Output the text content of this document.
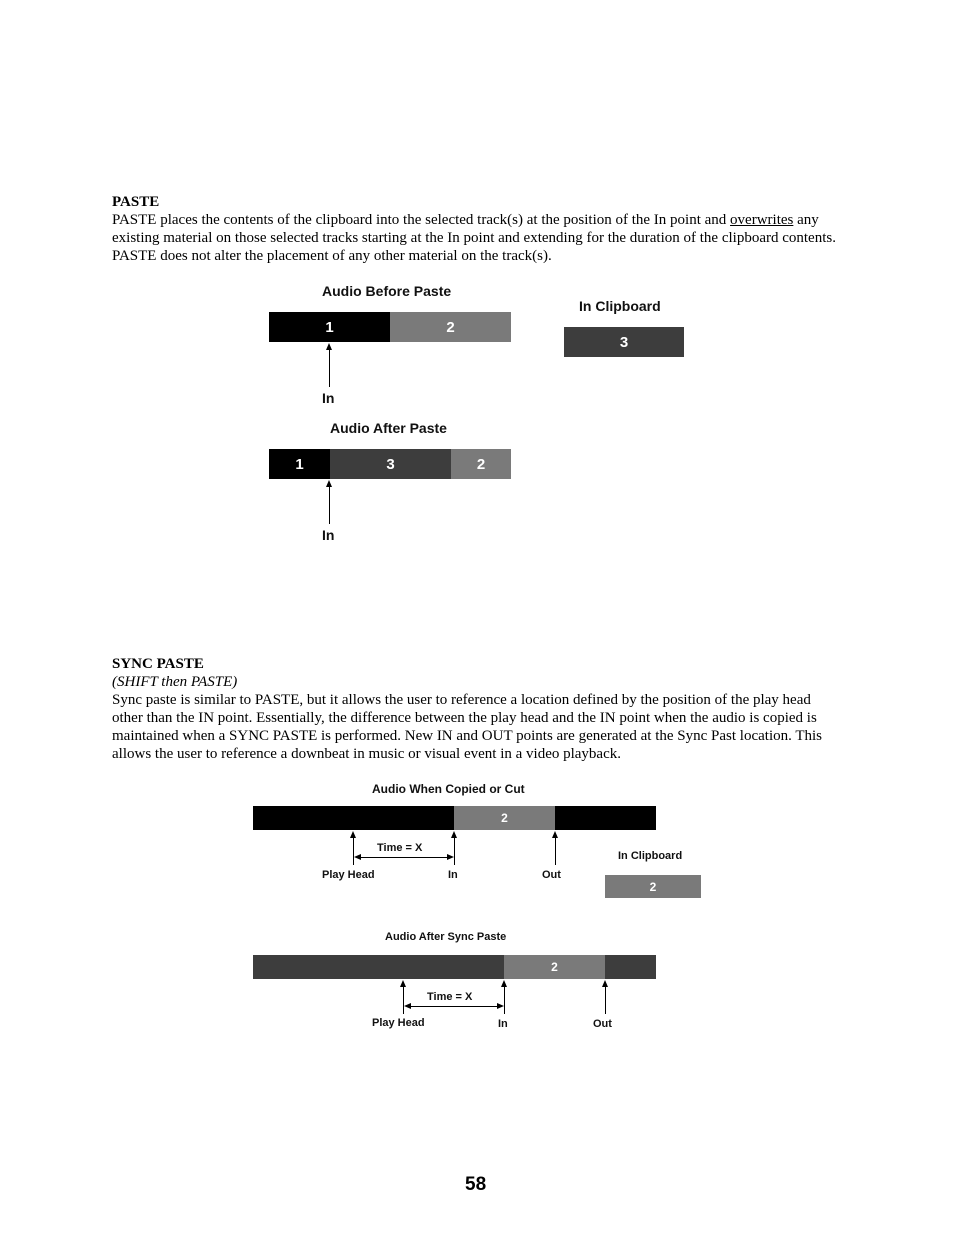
PASTE
PASTE places the contents of the clipboard into the selected track(s) at the position of the In point and overwrites any existing material on those selected tracks starting at the In point and extending for the duration of the clipboard contents. PASTE does not alter the placement of any other material on the track(s).
Audio Before Paste
1	2
In
In Clipboard
3
Audio After Paste
1	3	2
In
SYNC PASTE
(SHIFT then PASTE)
Sync paste is similar to PASTE, but it allows the user to reference a location defined by the position of the play head other than the IN point. Essentially, the difference between the play head and the IN point when the audio is copied is maintained when a SYNC PASTE is performed. New IN and OUT points are generated at the Sync Past location. This allows the user to reference a downbeat in music or visual event in a video playback.
Audio When Copied or Cut
2
Time = X
Play Head	In	Out
In Clipboard
2
Audio After Sync Paste
2
Time = X
Play Head	In	Out
58
